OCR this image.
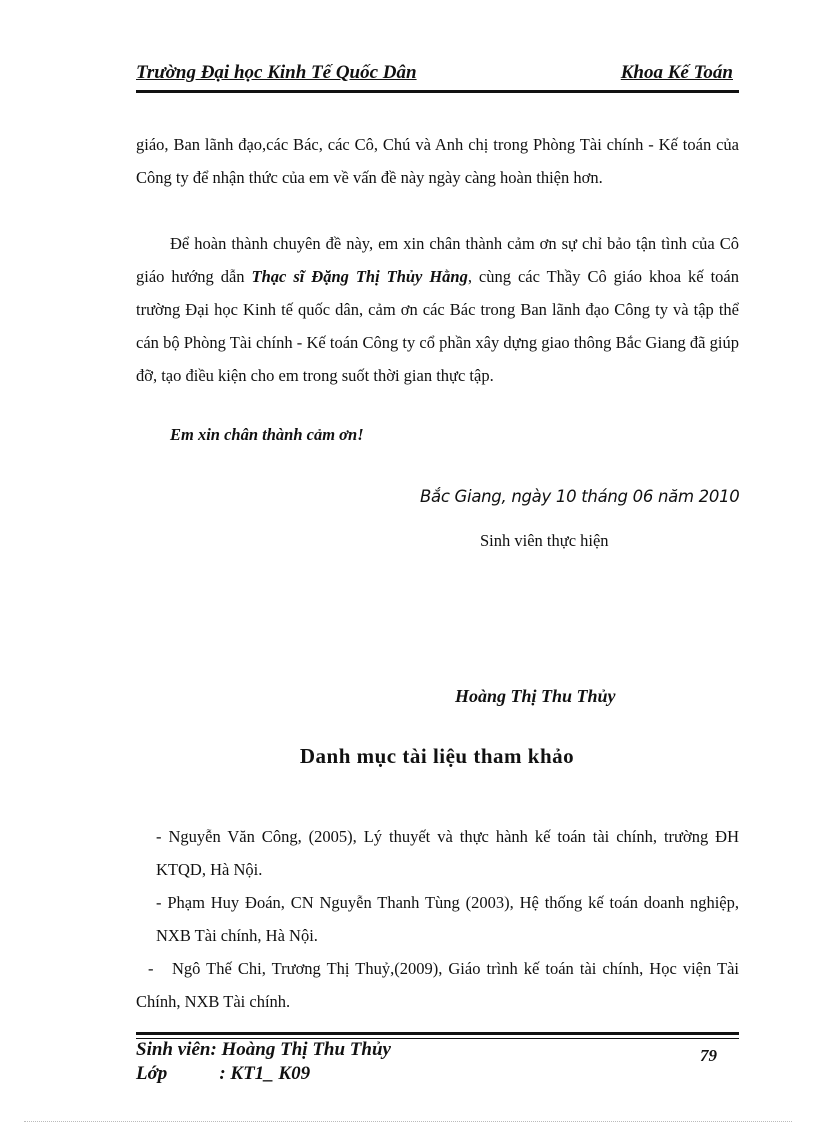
Trường Đại học Kinh Tế Quốc Dân	Khoa Kế Toán
giáo, Ban lãnh đạo,các Bác, các Cô, Chú và Anh chị trong Phòng Tài chính - Kế toán của Công ty để nhận thức của em về vấn đề này ngày càng hoàn thiện hơn.
Để hoàn thành chuyên đề này, em xin chân thành cảm ơn sự chỉ bảo tận tình của Cô giáo hướng dẫn Thạc sĩ Đặng Thị Thủy Hằng, cùng các Thầy Cô giáo khoa kế toán trường Đại học Kinh tế quốc dân, cảm ơn các Bác trong Ban lãnh đạo Công ty và tập thể cán bộ Phòng Tài chính - Kế toán Công ty cổ phần xây dựng giao thông Bắc Giang đã giúp đỡ, tạo điều kiện cho em trong suốt thời gian thực tập.
Em xin chân thành cảm ơn!
Bắc Giang, ngày 10 tháng 06 năm 2010
Sinh viên thực hiện
Hoàng Thị Thu Thủy
Danh mục tài liệu tham khảo
- Nguyễn Văn Công, (2005), Lý thuyết và thực hành kế toán tài chính, trường ĐH KTQD, Hà Nội.
- Phạm Huy Đoán, CN Nguyễn Thanh Tùng (2003), Hệ thống kế toán doanh nghiệp, NXB Tài chính, Hà Nội.
- Ngô Thế Chi, Trương Thị Thuỷ,(2009), Giáo trình kế toán tài chính, Học viện Tài Chính, NXB Tài chính.
Sinh viên: Hoàng Thị Thu Thủy
Lớp	: KT1_ K09
79
